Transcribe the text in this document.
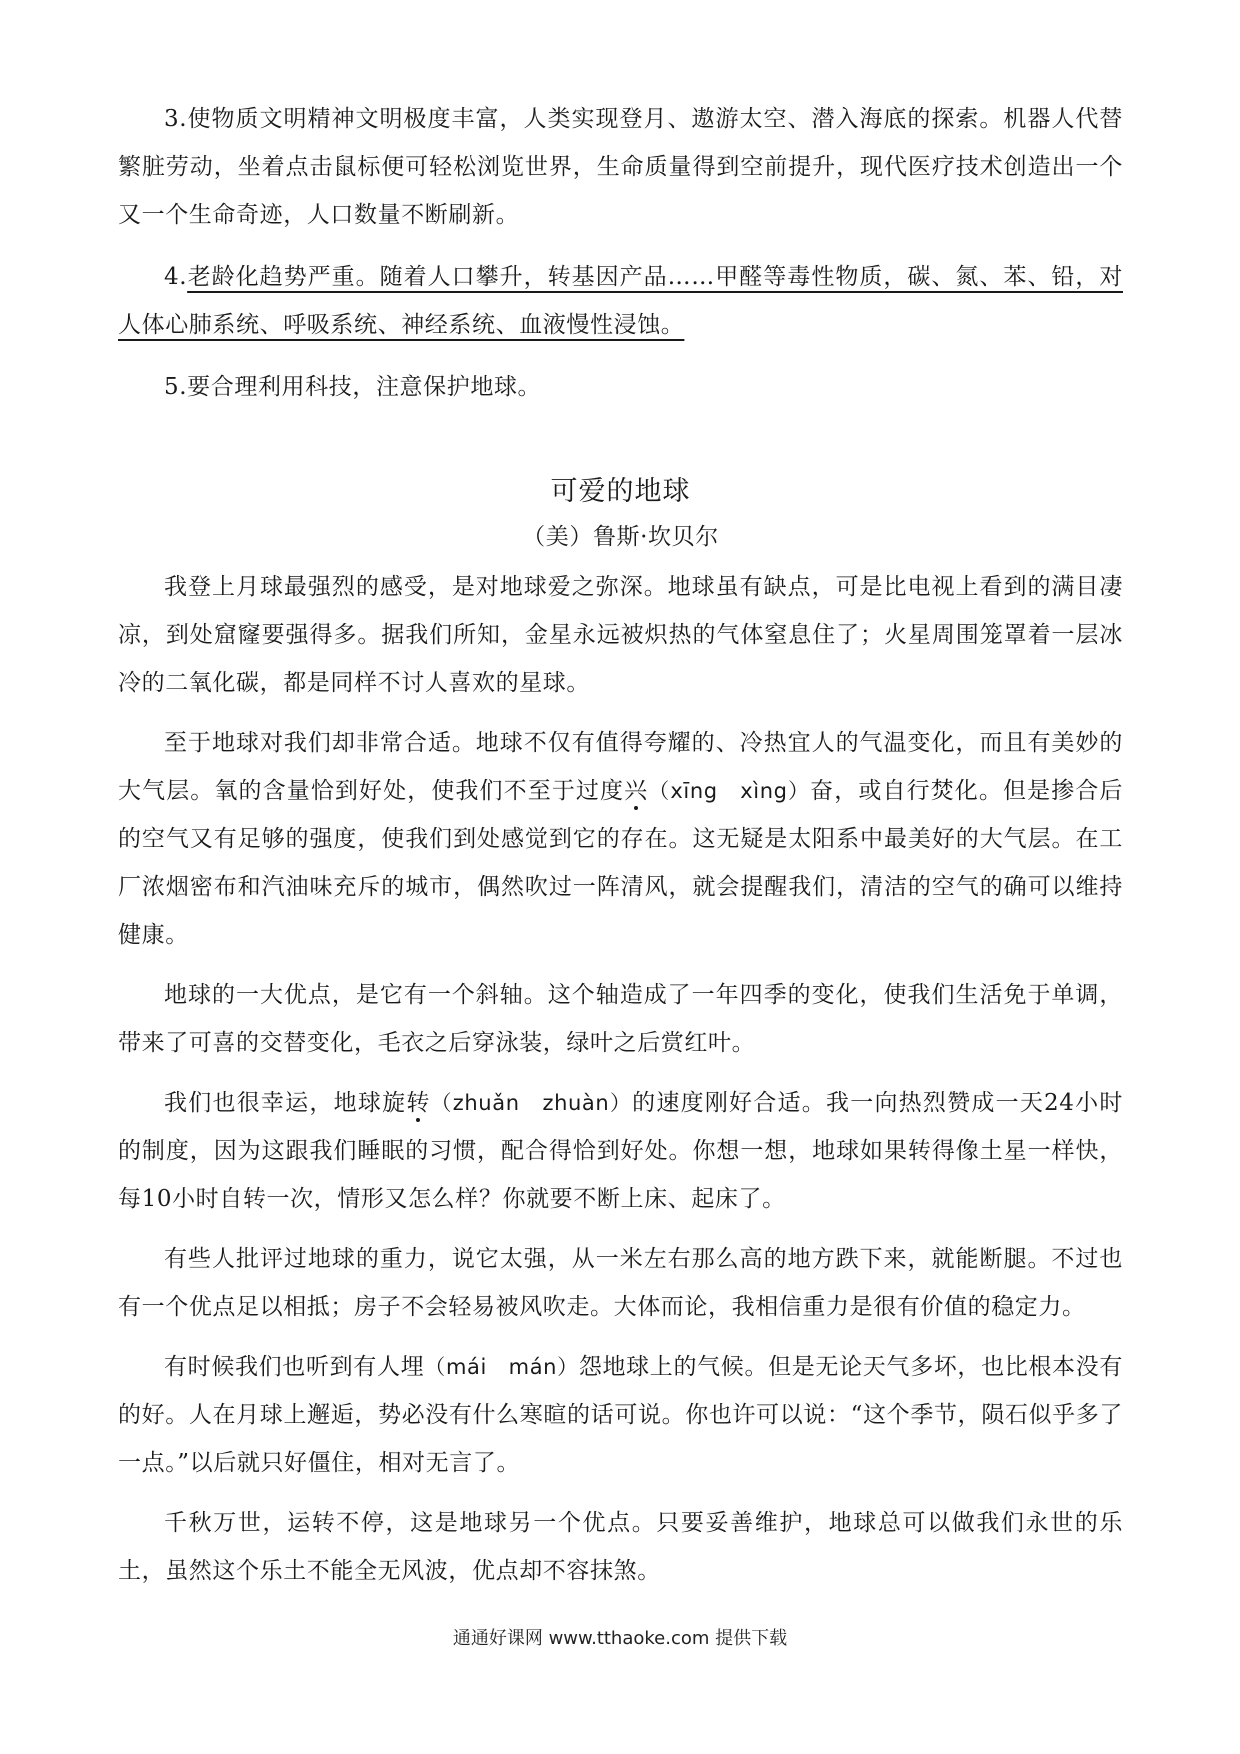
3.使物质文明精神文明极度丰富，人类实现登月、遨游太空、潜入海底的探索。机器人代替繁脏劳动，坐着点击鼠标便可轻松浏览世界，生命质量得到空前提升，现代医疗技术创造出一个又一个生命奇迹，人口数量不断刷新。

4.老龄化趋势严重。随着人口攀升，转基因产品……甲醛等毒性物质，碳、氮、苯、铅，对人体心肺系统、呼吸系统、神经系统、血液慢性浸蚀。

5.要合理利用科技，注意保护地球。

可爱的地球
（美）鲁斯·坎贝尔

我登上月球最强烈的感受，是对地球爱之弥深。地球虽有缺点，可是比电视上看到的满目凄凉，到处窟窿要强得多。据我们所知，金星永远被炽热的气体窒息住了；火星周围笼罩着一层冰冷的二氧化碳，都是同样不讨人喜欢的星球。

至于地球对我们却非常合适。地球不仅有值得夸耀的、冷热宜人的气温变化，而且有美妙的大气层。氧的含量恰到好处，使我们不至于过度兴（xīng　xìng）奋，或自行焚化。但是掺合后的空气又有足够的强度，使我们到处感觉到它的存在。这无疑是太阳系中最美好的大气层。在工厂浓烟密布和汽油味充斥的城市，偶然吹过一阵清风，就会提醒我们，清洁的空气的确可以维持健康。

地球的一大优点，是它有一个斜轴。这个轴造成了一年四季的变化，使我们生活免于单调，带来了可喜的交替变化，毛衣之后穿泳装，绿叶之后赏红叶。

我们也很幸运，地球旋转（zhuǎn　zhuàn）的速度刚好合适。我一向热烈赞成一天24小时的制度，因为这跟我们睡眠的习惯，配合得恰到好处。你想一想，地球如果转得像土星一样快，每10小时自转一次，情形又怎么样？你就要不断上床、起床了。

有些人批评过地球的重力，说它太强，从一米左右那么高的地方跌下来，就能断腿。不过也有一个优点足以相抵；房子不会轻易被风吹走。大体而论，我相信重力是很有价值的稳定力。

有时候我们也听到有人埋（mái　mán）怨地球上的气候。但是无论天气多坏，也比根本没有的好。人在月球上邂逅，势必没有什么寒暄的话可说。你也许可以说：“这个季节，陨石似乎多了一点。”以后就只好僵住，相对无言了。

千秋万世，运转不停，这是地球另一个优点。只要妥善维护，地球总可以做我们永世的乐土，虽然这个乐土不能全无风波，优点却不容抹煞。

通通好课网 www.tthaoke.com 提供下载
